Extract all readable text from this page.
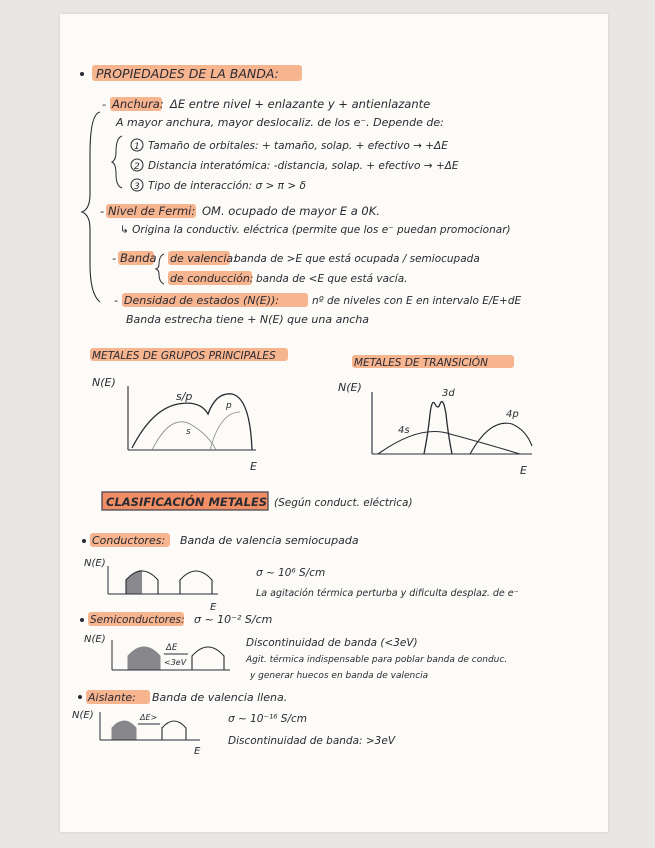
PROPIEDADES DE LA BANDA:
- Anchura: ΔE entre nivel + enlazante y + antienlazante
A mayor anchura, mayor deslocaliz. de los e⁻. Depende de:
1 Tamaño de orbitales: + tamaño, solap. + efectivo → +ΔE
2 Distancia interatómica: -distancia, solap. + efectivo → +ΔE
3 Tipo de interacción: σ > π > δ
- Nivel de Fermi: OM. ocupado de mayor E a 0K.
↳ Origina la conductiv. eléctrica (permite que los e⁻ puedan promocionar)
- Banda de valencia:
banda de >E que está ocupada / semiocupada
de conducción: banda de <E que está vacía.
- Densidad de estados (N(E)):	nº de niveles con E en intervalo E/E+dE
Banda estrecha tiene + N(E) que una ancha
METALES DE GRUPOS PRINCIPALES
N(E)
s/p
s
p
E
METALES DE TRANSICIÓN
N(E)	3d
4s
4p
E
CLASIFICACIÓN METALES (Según conduct. eléctrica)
Conductores: Banda de valencia semiocupada
N(E)
E
σ ~ 10⁶ S/cm
La agitación térmica perturba y dificulta desplaz. de e⁻
Semiconductores: σ ~ 10⁻² S/cm
N(E)
ΔE
<3eV
Discontinuidad de banda (<3eV)
Agit. térmica indispensable para poblar banda de conduc.
y generar huecos en banda de valencia
Aislante: Banda de valencia llena.
N(E)	ΔE>
E
σ ~ 10⁻¹⁶ S/cm
Discontinuidad de banda: >3eV
